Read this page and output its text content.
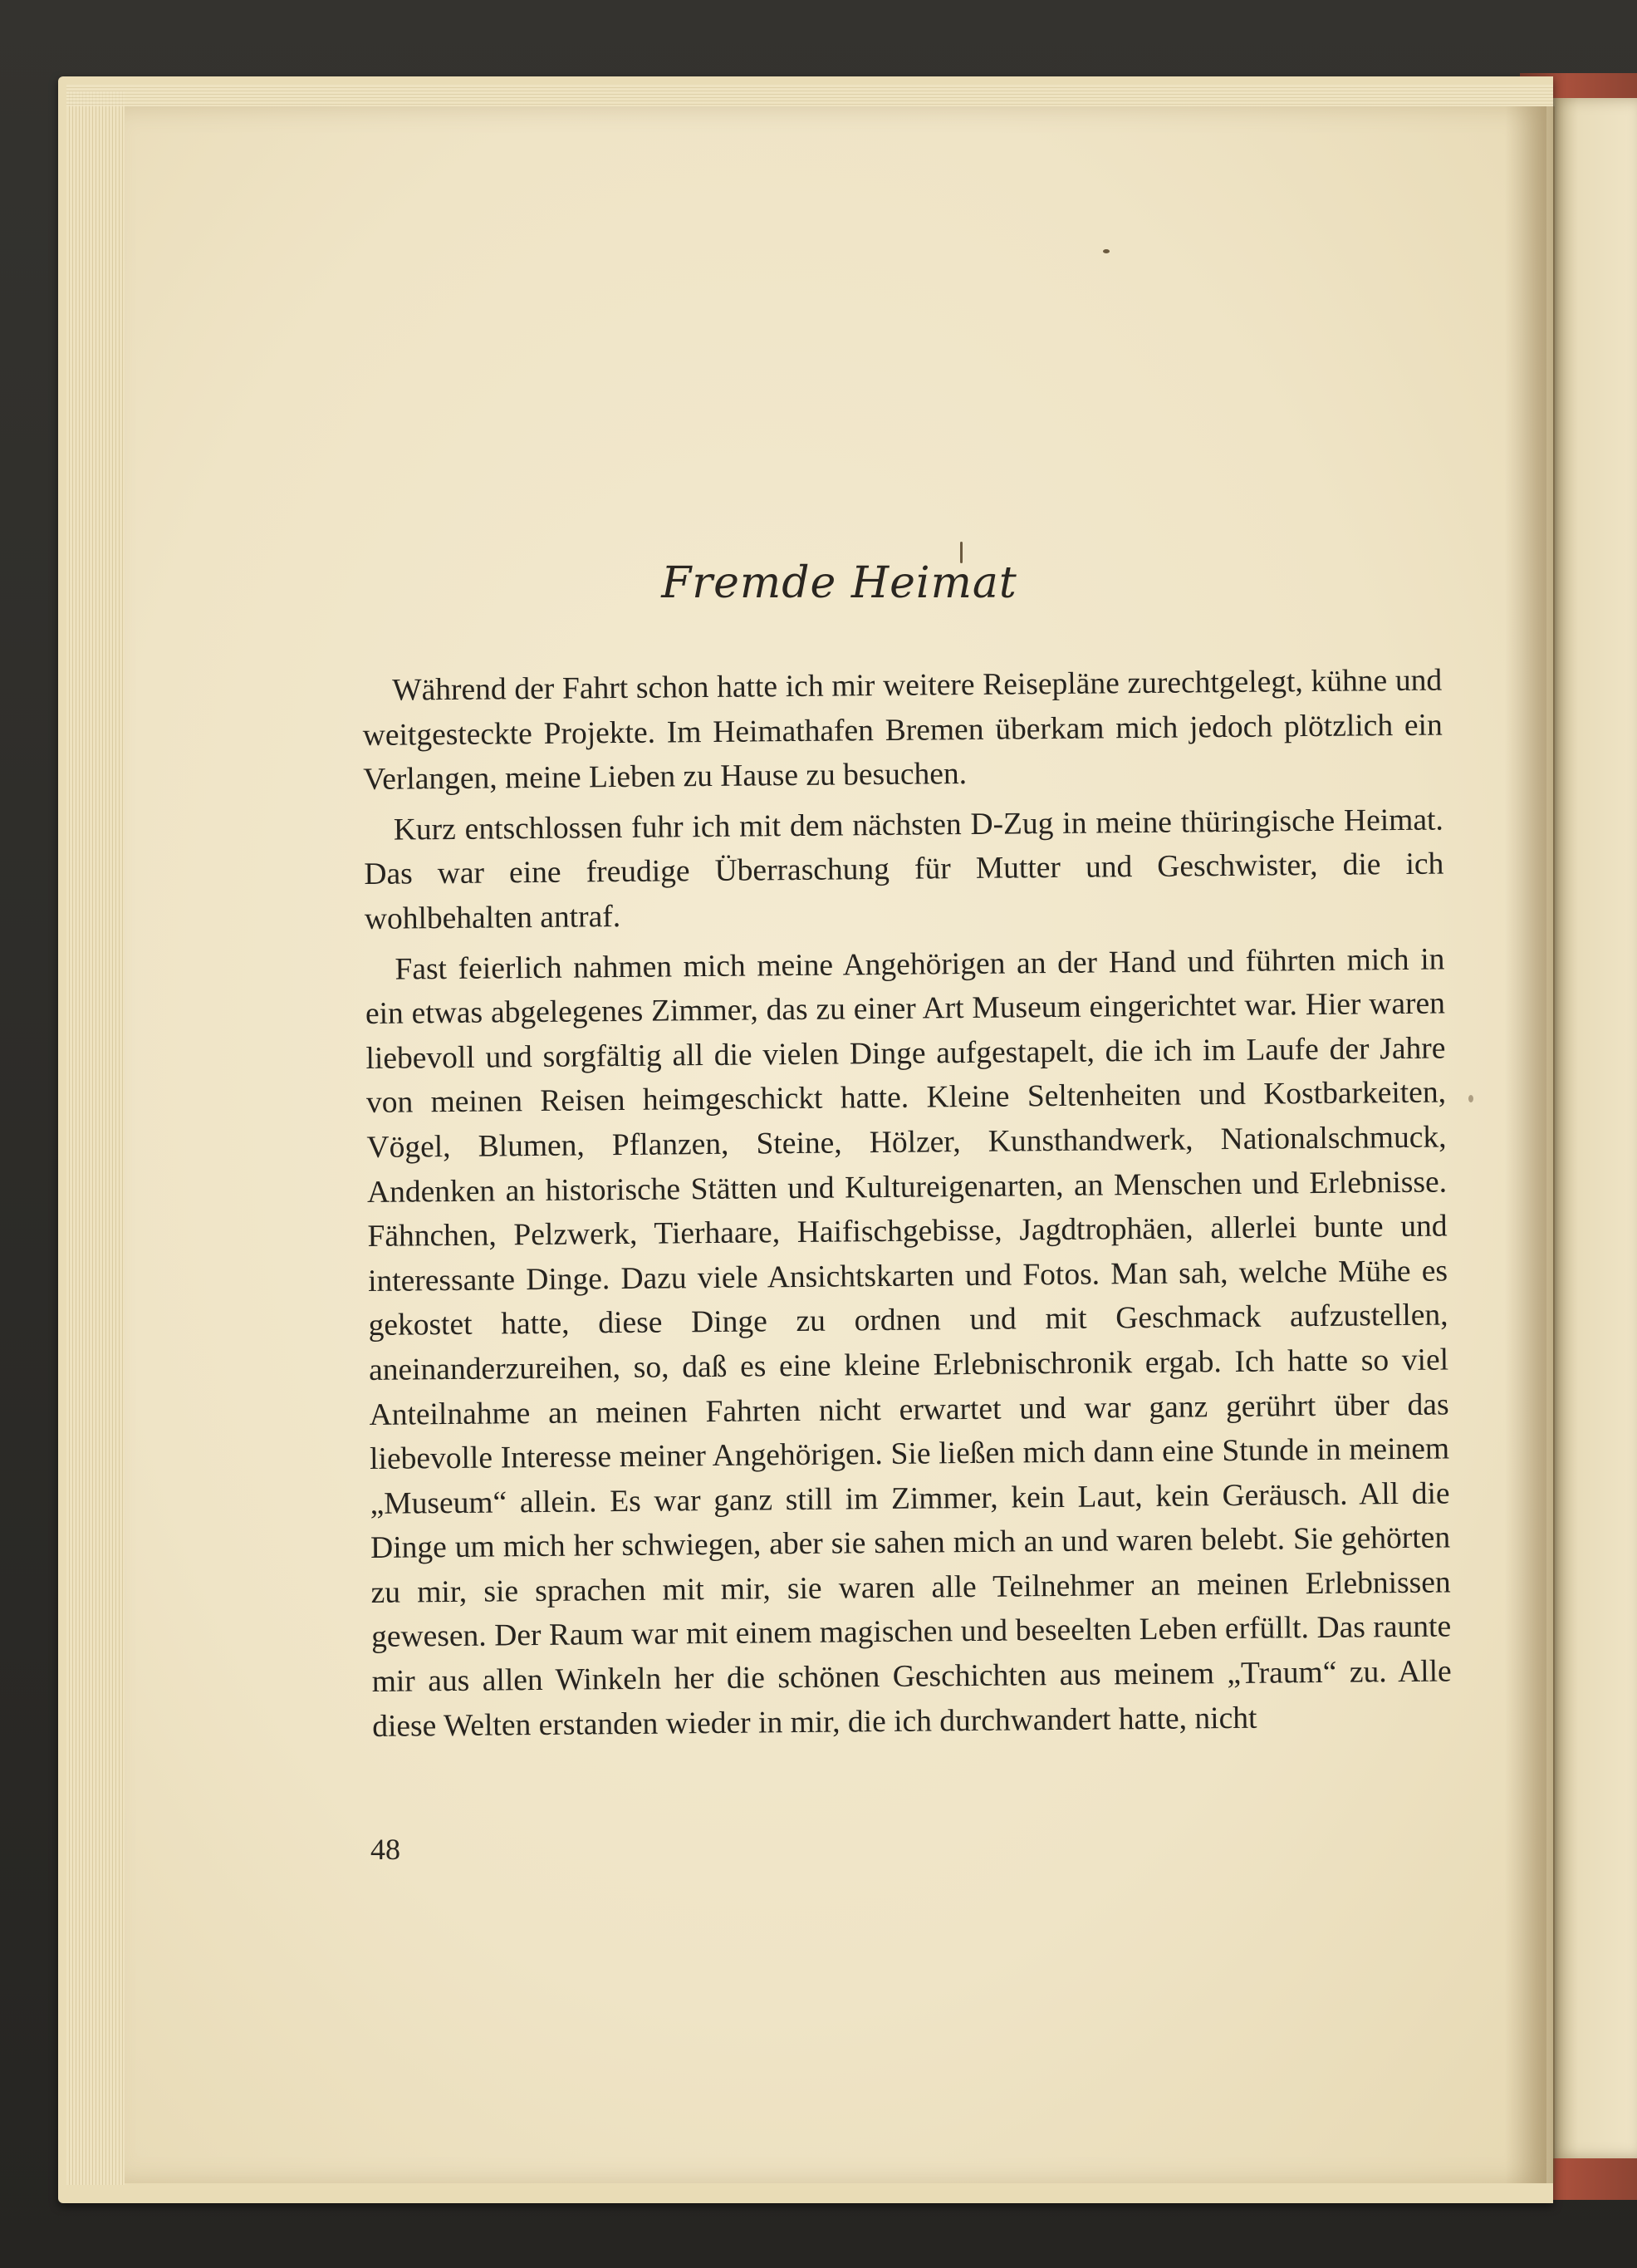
Fremde Heimat

Während der Fahrt schon hatte ich mir weitere Reisepläne zurechtgelegt, kühne und weitgesteckte Projekte. Im Heimathafen Bremen überkam mich jedoch plötzlich ein Verlangen, meine Lieben zu Hause zu besuchen.

Kurz entschlossen fuhr ich mit dem nächsten D-Zug in meine thüringische Heimat. Das war eine freudige Überraschung für Mutter und Geschwister, die ich wohlbehalten antraf.

Fast feierlich nahmen mich meine Angehörigen an der Hand und führten mich in ein etwas abgelegenes Zimmer, das zu einer Art Museum eingerichtet war. Hier waren liebevoll und sorgfältig all die vielen Dinge aufgestapelt, die ich im Laufe der Jahre von meinen Reisen heimgeschickt hatte. Kleine Seltenheiten und Kostbarkeiten, Vögel, Blumen, Pflanzen, Steine, Hölzer, Kunsthandwerk, Nationalschmuck, Andenken an historische Stätten und Kultureigenarten, an Menschen und Erlebnisse. Fähnchen, Pelzwerk, Tierhaare, Haifischgebisse, Jagdtrophäen, allerlei bunte und interessante Dinge. Dazu viele Ansichtskarten und Fotos. Man sah, welche Mühe es gekostet hatte, diese Dinge zu ordnen und mit Geschmack aufzustellen, aneinanderzureihen, so, daß es eine kleine Erlebnischronik ergab. Ich hatte so viel Anteilnahme an meinen Fahrten nicht erwartet und war ganz gerührt über das liebevolle Interesse meiner Angehörigen. Sie ließen mich dann eine Stunde in meinem „Museum“ allein. Es war ganz still im Zimmer, kein Laut, kein Geräusch. All die Dinge um mich her schwiegen, aber sie sahen mich an und waren belebt. Sie gehörten zu mir, sie sprachen mit mir, sie waren alle Teilnehmer an meinen Erlebnissen gewesen. Der Raum war mit einem magischen und beseelten Leben erfüllt. Das raunte mir aus allen Winkeln her die schönen Geschichten aus meinem „Traum“ zu. Alle diese Welten erstanden wieder in mir, die ich durchwandert hatte, nicht

48
